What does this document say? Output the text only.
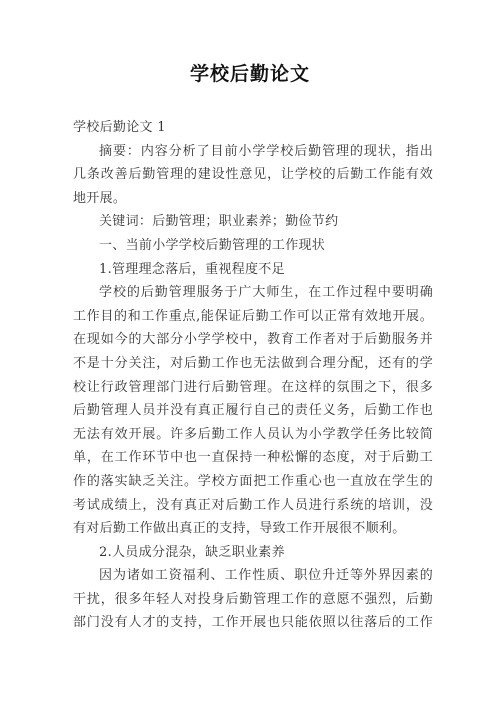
学校后勤论文
学校后勤论文 1
摘要：内容分析了目前小学学校后勤管理的现状，指出
几条改善后勤管理的建设性意见，让学校的后勤工作能有效
地开展。
关键词：后勤管理；职业素养；勤俭节约
一、当前小学学校后勤管理的工作现状
1.管理理念落后，重视程度不足
学校的后勤管理服务于广大师生，在工作过程中要明确
工作目的和工作重点,能保证后勤工作可以正常有效地开展。
在现如今的大部分小学学校中，教育工作者对于后勤服务并
不是十分关注，对后勤工作也无法做到合理分配，还有的学
校让行政管理部门进行后勤管理。在这样的氛围之下，很多
后勤管理人员并没有真正履行自己的责任义务，后勤工作也
无法有效开展。许多后勤工作人员认为小学教学任务比较简
单，在工作环节中也一直保持一种松懈的态度，对于后勤工
作的落实缺乏关注。学校方面把工作重心也一直放在学生的
考试成绩上，没有真正对后勤工作人员进行系统的培训，没
有对后勤工作做出真正的支持，导致工作开展很不顺利。
2.人员成分混杂，缺乏职业素养
因为诸如工资福利、工作性质、职位升迁等外界因素的
干扰，很多年轻人对投身后勤管理工作的意愿不强烈，后勤
部门没有人才的支持，工作开展也只能依照以往落后的工作
